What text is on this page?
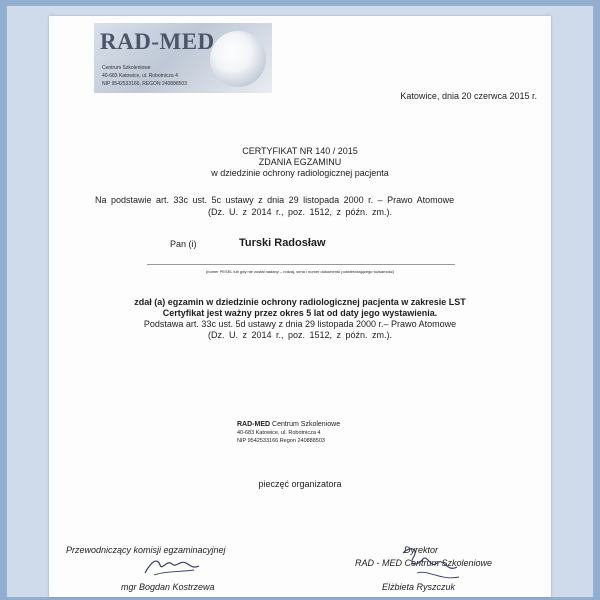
RAD-MED
Centrum Szkoleniowe
40-683 Katowice, ul. Robotnicza 4
NIP 9542533166, REGON 240888503
Katowice, dnia 20 czerwca 2015 r.
CERTYFIKAT NR 140 / 2015
ZDANIA EGZAMINU
w dziedzinie ochrony radiologicznej pacjenta
Na podstawie art. 33c ust. 5c ustawy z dnia 29 listopada 2000 r. – Prawo Atomowe
(Dz. U. z 2014 r., poz. 1512, z późn. zm.).
Pan (i)	Turski Radosław
(numer PESEL lub gdy nie został nadany – rodzaj, seria i numer dokumentu potwierdzającego tożsamość)
zdał (a) egzamin w dziedzinie ochrony radiologicznej pacjenta w zakresie LST
Certyfikat jest ważny przez okres 5 lat od daty jego wystawienia.
Podstawa art. 33c ust. 5d ustawy z dnia 29 listopada 2000 r.– Prawo Atomowe
(Dz. U. z 2014 r., poz. 1512, z późn. zm.).
RAD-MED Centrum Szkoleniowe
40-683 Katowice, ul. Robotnicza 4
NIP 9542533166 Regon 240888503
pieczęć organizatora
Przewodniczący komisji egzaminacyjnej
mgr Bogdan Kostrzewa
Dyrektor
RAD - MED Centrum Szkoleniowe
Elżbieta Ryszczuk
